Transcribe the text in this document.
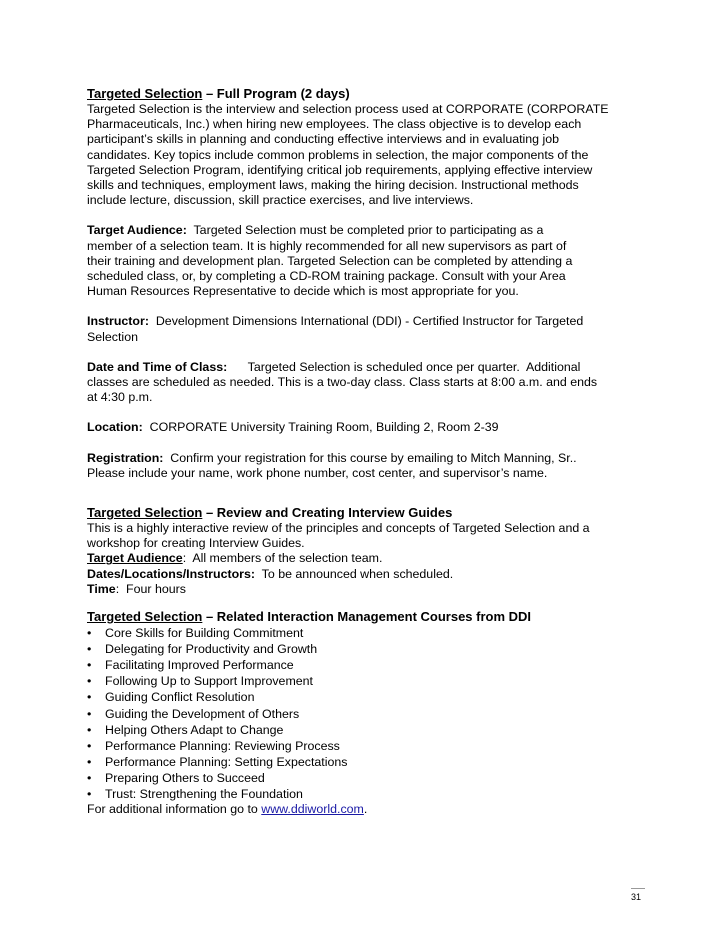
Targeted Selection – Full Program (2 days)
Targeted Selection is the interview and selection process used at CORPORATE (CORPORATE
Pharmaceuticals, Inc.) when hiring new employees. The class objective is to develop each
participant’s skills in planning and conducting effective interviews and in evaluating job
candidates. Key topics include common problems in selection, the major components of the
Targeted Selection Program, identifying critical job requirements, applying effective interview
skills and techniques, employment laws, making the hiring decision. Instructional methods
include lecture, discussion, skill practice exercises, and live interviews.
Target Audience:  Targeted Selection must be completed prior to participating as a
member of a selection team. It is highly recommended for all new supervisors as part of
their training and development plan. Targeted Selection can be completed by attending a
scheduled class, or, by completing a CD-ROM training package. Consult with your Area
Human Resources Representative to decide which is most appropriate for you.
Instructor:  Development Dimensions International (DDI) - Certified Instructor for Targeted
Selection
Date and Time of Class:      Targeted Selection is scheduled once per quarter.  Additional
classes are scheduled as needed. This is a two-day class. Class starts at 8:00 a.m. and ends
at 4:30 p.m.
Location:  CORPORATE University Training Room, Building 2, Room 2-39
Registration:  Confirm your registration for this course by emailing to Mitch Manning, Sr..
Please include your name, work phone number, cost center, and supervisor’s name.
Targeted Selection – Review and Creating Interview Guides
This is a highly interactive review of the principles and concepts of Targeted Selection and a
workshop for creating Interview Guides.
Target Audience:  All members of the selection team.
Dates/Locations/Instructors:  To be announced when scheduled.
Time:  Four hours
Targeted Selection – Related Interaction Management Courses from DDI
• Core Skills for Building Commitment
• Delegating for Productivity and Growth
• Facilitating Improved Performance
• Following Up to Support Improvement
• Guiding Conflict Resolution
• Guiding the Development of Others
• Helping Others Adapt to Change
• Performance Planning: Reviewing Process
• Performance Planning: Setting Expectations
• Preparing Others to Succeed
• Trust: Strengthening the Foundation
For additional information go to www.ddiworld.com.
31
